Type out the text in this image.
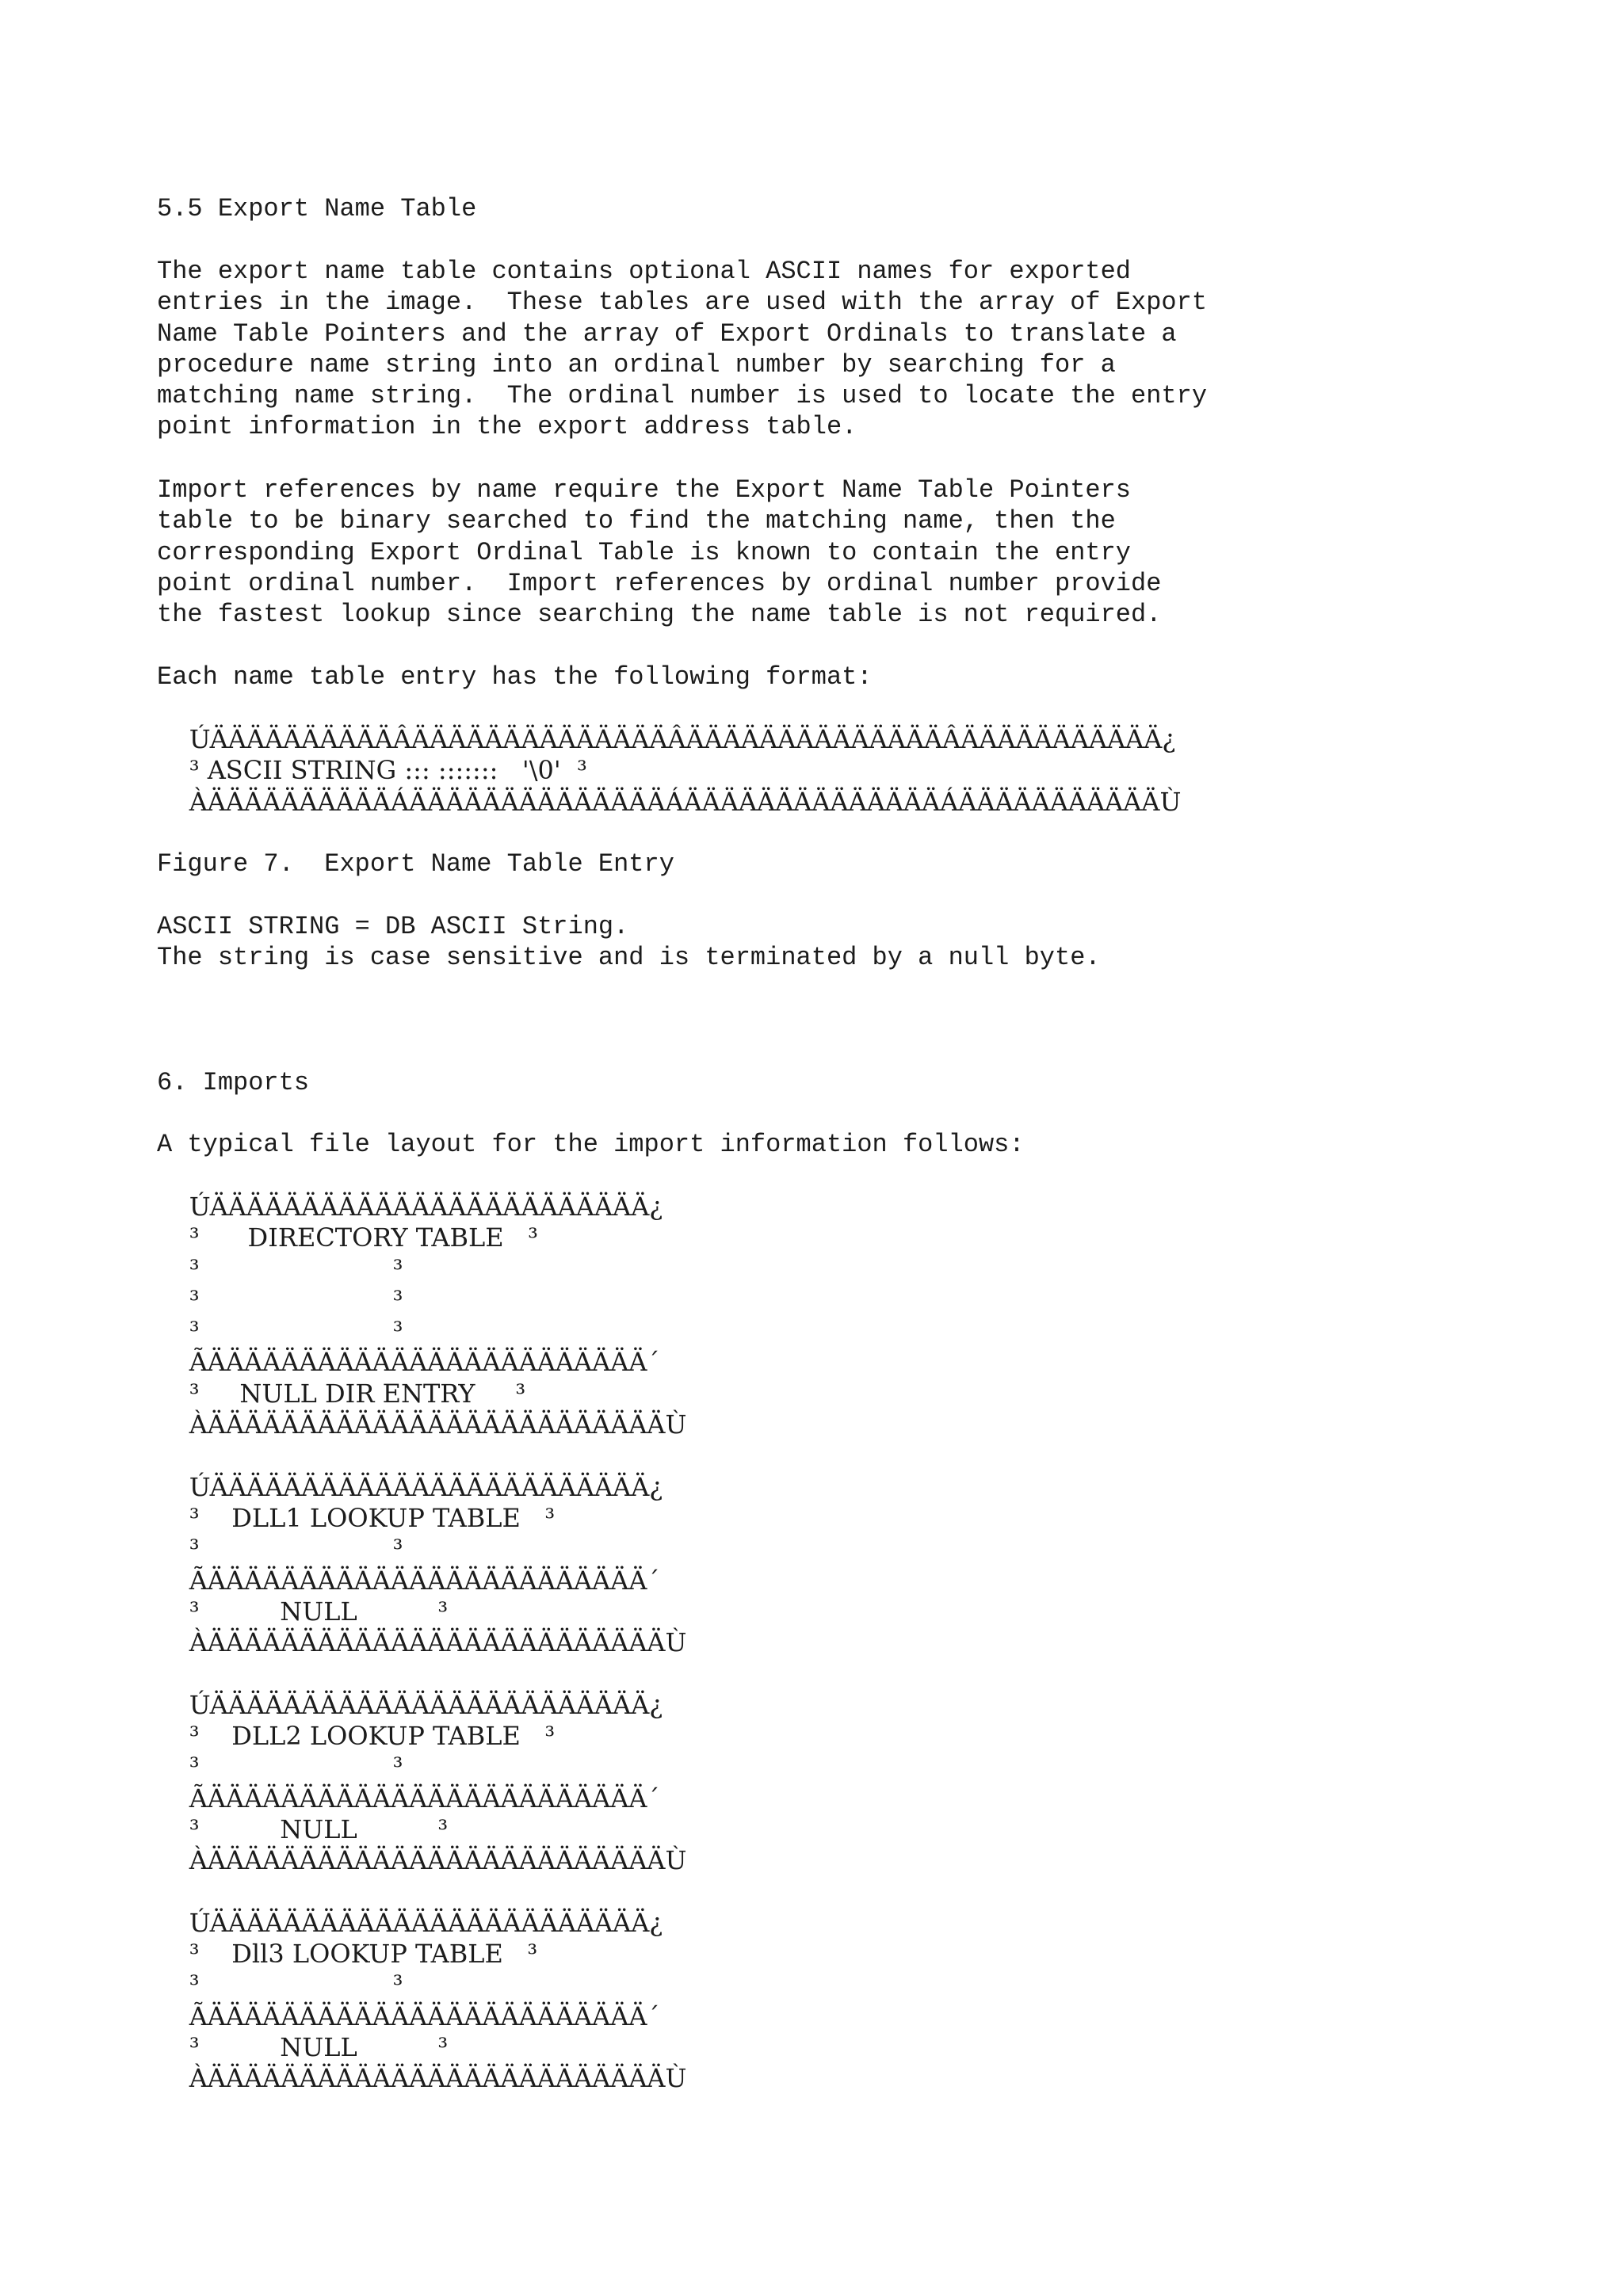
5.5 Export Name Table
The export name table contains optional ASCII names for exported
entries in the image.  These tables are used with the array of Export
Name Table Pointers and the array of Export Ordinals to translate a
procedure name string into an ordinal number by searching for a
matching name string.  The ordinal number is used to locate the entry
point information in the export address table.
Import references by name require the Export Name Table Pointers
table to be binary searched to find the matching name, then the
corresponding Export Ordinal Table is known to contain the entry
point ordinal number.  Import references by ordinal number provide
the fastest lookup since searching the name table is not required.
Each name table entry has the following format:
ÚÄÄÄÄÄÄÄÄÄÄÂÄÄÄÄÄÄÄÄÄÄÄÄÄÄÂÄÄÄÄÄÄÄÄÄÄÄÄÄÄÂÄÄÄÄÄÄÄÄÄÄÄ¿
³ ASCII STRING ::: :::::::   '\0'  ³
ÀÄÄÄÄÄÄÄÄÄÄÁÄÄÄÄÄÄÄÄÄÄÄÄÄÄÁÄÄÄÄÄÄÄÄÄÄÄÄÄÄÁÄÄÄÄÄÄÄÄÄÄÄÙ
Figure 7.  Export Name Table Entry
ASCII STRING = DB ASCII String.
The string is case sensitive and is terminated by a null byte.
6. Imports
A typical file layout for the import information follows:
ÚÄÄÄÄÄÄÄÄÄÄÄÄÄÄÄÄÄÄÄÄÄÄÄÄ¿
³      DIRECTORY TABLE   ³
³                        ³
³                        ³
³                        ³
ÃÄÄÄÄÄÄÄÄÄÄÄÄÄÄÄÄÄÄÄÄÄÄÄÄ´
³     NULL DIR ENTRY     ³
ÀÄÄÄÄÄÄÄÄÄÄÄÄÄÄÄÄÄÄÄÄÄÄÄÄÄÙ

ÚÄÄÄÄÄÄÄÄÄÄÄÄÄÄÄÄÄÄÄÄÄÄÄÄ¿
³    DLL1 LOOKUP TABLE   ³
³                        ³
ÃÄÄÄÄÄÄÄÄÄÄÄÄÄÄÄÄÄÄÄÄÄÄÄÄ´
³          NULL          ³
ÀÄÄÄÄÄÄÄÄÄÄÄÄÄÄÄÄÄÄÄÄÄÄÄÄÄÙ

ÚÄÄÄÄÄÄÄÄÄÄÄÄÄÄÄÄÄÄÄÄÄÄÄÄ¿
³    DLL2 LOOKUP TABLE   ³
³                        ³
ÃÄÄÄÄÄÄÄÄÄÄÄÄÄÄÄÄÄÄÄÄÄÄÄÄ´
³          NULL          ³
ÀÄÄÄÄÄÄÄÄÄÄÄÄÄÄÄÄÄÄÄÄÄÄÄÄÄÙ

ÚÄÄÄÄÄÄÄÄÄÄÄÄÄÄÄÄÄÄÄÄÄÄÄÄ¿
³    Dll3 LOOKUP TABLE   ³
³                        ³
ÃÄÄÄÄÄÄÄÄÄÄÄÄÄÄÄÄÄÄÄÄÄÄÄÄ´
³          NULL          ³
ÀÄÄÄÄÄÄÄÄÄÄÄÄÄÄÄÄÄÄÄÄÄÄÄÄÄÙ
